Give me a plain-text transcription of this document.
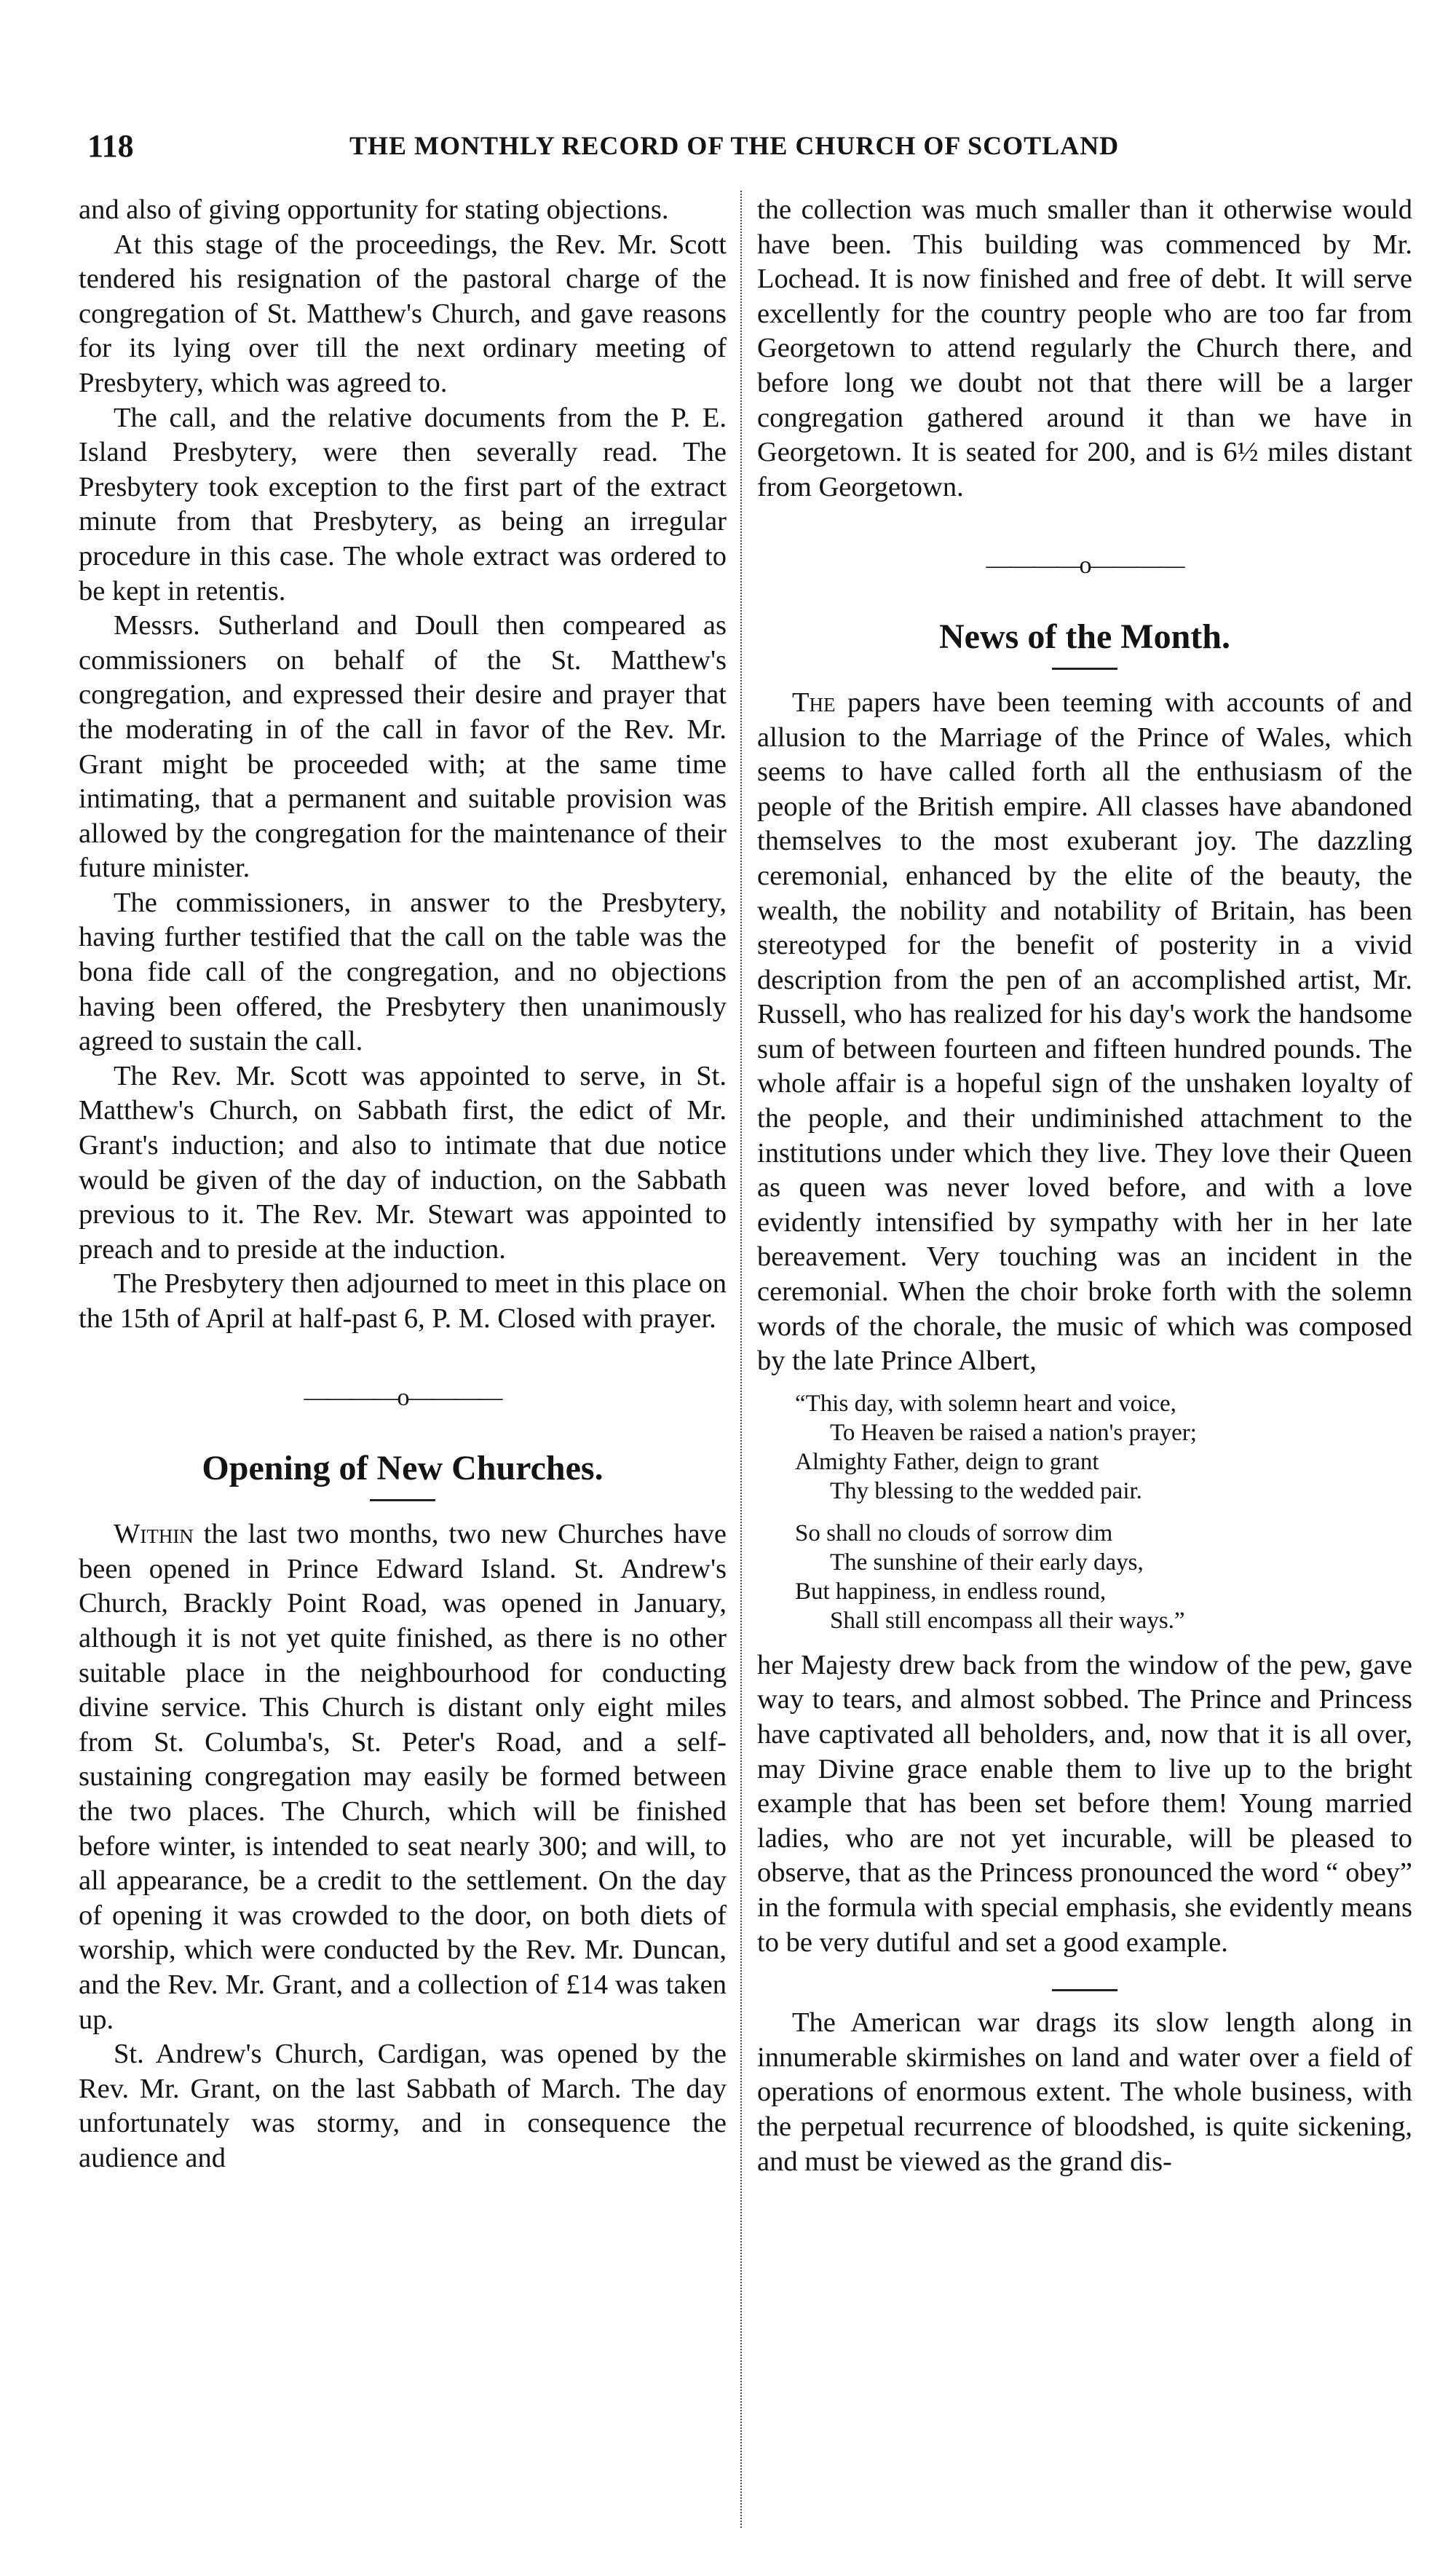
118	THE MONTHLY RECORD OF THE CHURCH OF SCOTLAND

and also of giving opportunity for stating objections.

At this stage of the proceedings, the Rev. Mr. Scott tendered his resignation of the pastoral charge of the congregation of St. Matthew's Church, and gave reasons for its lying over till the next ordinary meeting of Presbytery, which was agreed to.

The call, and the relative documents from the P. E. Island Presbytery, were then severally read. The Presbytery took exception to the first part of the extract minute from that Presbytery, as being an irregular procedure in this case. The whole extract was ordered to be kept in retentis.

Messrs. Sutherland and Doull then compeared as commissioners on behalf of the St. Matthew's congregation, and expressed their desire and prayer that the moderating in of the call in favor of the Rev. Mr. Grant might be proceeded with; at the same time intimating, that a permanent and suitable provision was allowed by the congregation for the maintenance of their future minister.

The commissioners, in answer to the Presbytery, having further testified that the call on the table was the bona fide call of the congregation, and no objections having been offered, the Presbytery then unanimously agreed to sustain the call.

The Rev. Mr. Scott was appointed to serve, in St. Matthew's Church, on Sabbath first, the edict of Mr. Grant's induction; and also to intimate that due notice would be given of the day of induction, on the Sabbath previous to it. The Rev. Mr. Stewart was appointed to preach and to preside at the induction.

The Presbytery then adjourned to meet in this place on the 15th of April at half-past 6, P. M. Closed with prayer.

————o————
Opening of New Churches.

Within the last two months, two new Churches have been opened in Prince Edward Island. St. Andrew's Church, Brackly Point Road, was opened in January, although it is not yet quite finished, as there is no other suitable place in the neighbourhood for conducting divine service. This Church is distant only eight miles from St. Columba's, St. Peter's Road, and a self-sustaining congregation may easily be formed between the two places. The Church, which will be finished before winter, is intended to seat nearly 300; and will, to all appearance, be a credit to the settlement. On the day of opening it was crowded to the door, on both diets of worship, which were conducted by the Rev. Mr. Duncan, and the Rev. Mr. Grant, and a collection of £14 was taken up.

St. Andrew's Church, Cardigan, was opened by the Rev. Mr. Grant, on the last Sabbath of March. The day unfortunately was stormy, and in consequence the audience and

the collection was much smaller than it otherwise would have been. This building was commenced by Mr. Lochead. It is now finished and free of debt. It will serve excellently for the country people who are too far from Georgetown to attend regularly the Church there, and before long we doubt not that there will be a larger congregation gathered around it than we have in Georgetown. It is seated for 200, and is 6½ miles distant from Georgetown.

————o————
News of the Month.

The papers have been teeming with accounts of and allusion to the Marriage of the Prince of Wales, which seems to have called forth all the enthusiasm of the people of the British empire. All classes have abandoned themselves to the most exuberant joy. The dazzling ceremonial, enhanced by the elite of the beauty, the wealth, the nobility and notability of Britain, has been stereotyped for the benefit of posterity in a vivid description from the pen of an accomplished artist, Mr. Russell, who has realized for his day's work the handsome sum of between fourteen and fifteen hundred pounds. The whole affair is a hopeful sign of the unshaken loyalty of the people, and their undiminished attachment to the institutions under which they live. They love their Queen as queen was never loved before, and with a love evidently intensified by sympathy with her in her late bereavement. Very touching was an incident in the ceremonial. When the choir broke forth with the solemn words of the chorale, the music of which was composed by the late Prince Albert,

“This day, with solemn heart and voice,
To Heaven be raised a nation's prayer;
Almighty Father, deign to grant
Thy blessing to the wedded pair.
So shall no clouds of sorrow dim
The sunshine of their early days,
But happiness, in endless round,
Shall still encompass all their ways.”

her Majesty drew back from the window of the pew, gave way to tears, and almost sobbed. The Prince and Princess have captivated all beholders, and, now that it is all over, may Divine grace enable them to live up to the bright example that has been set before them! Young married ladies, who are not yet incurable, will be pleased to observe, that as the Princess pronounced the word “ obey” in the formula with special emphasis, she evidently means to be very dutiful and set a good example.

The American war drags its slow length along in innumerable skirmishes on land and water over a field of operations of enormous extent. The whole business, with the perpetual recurrence of bloodshed, is quite sickening, and must be viewed as the grand dis-
